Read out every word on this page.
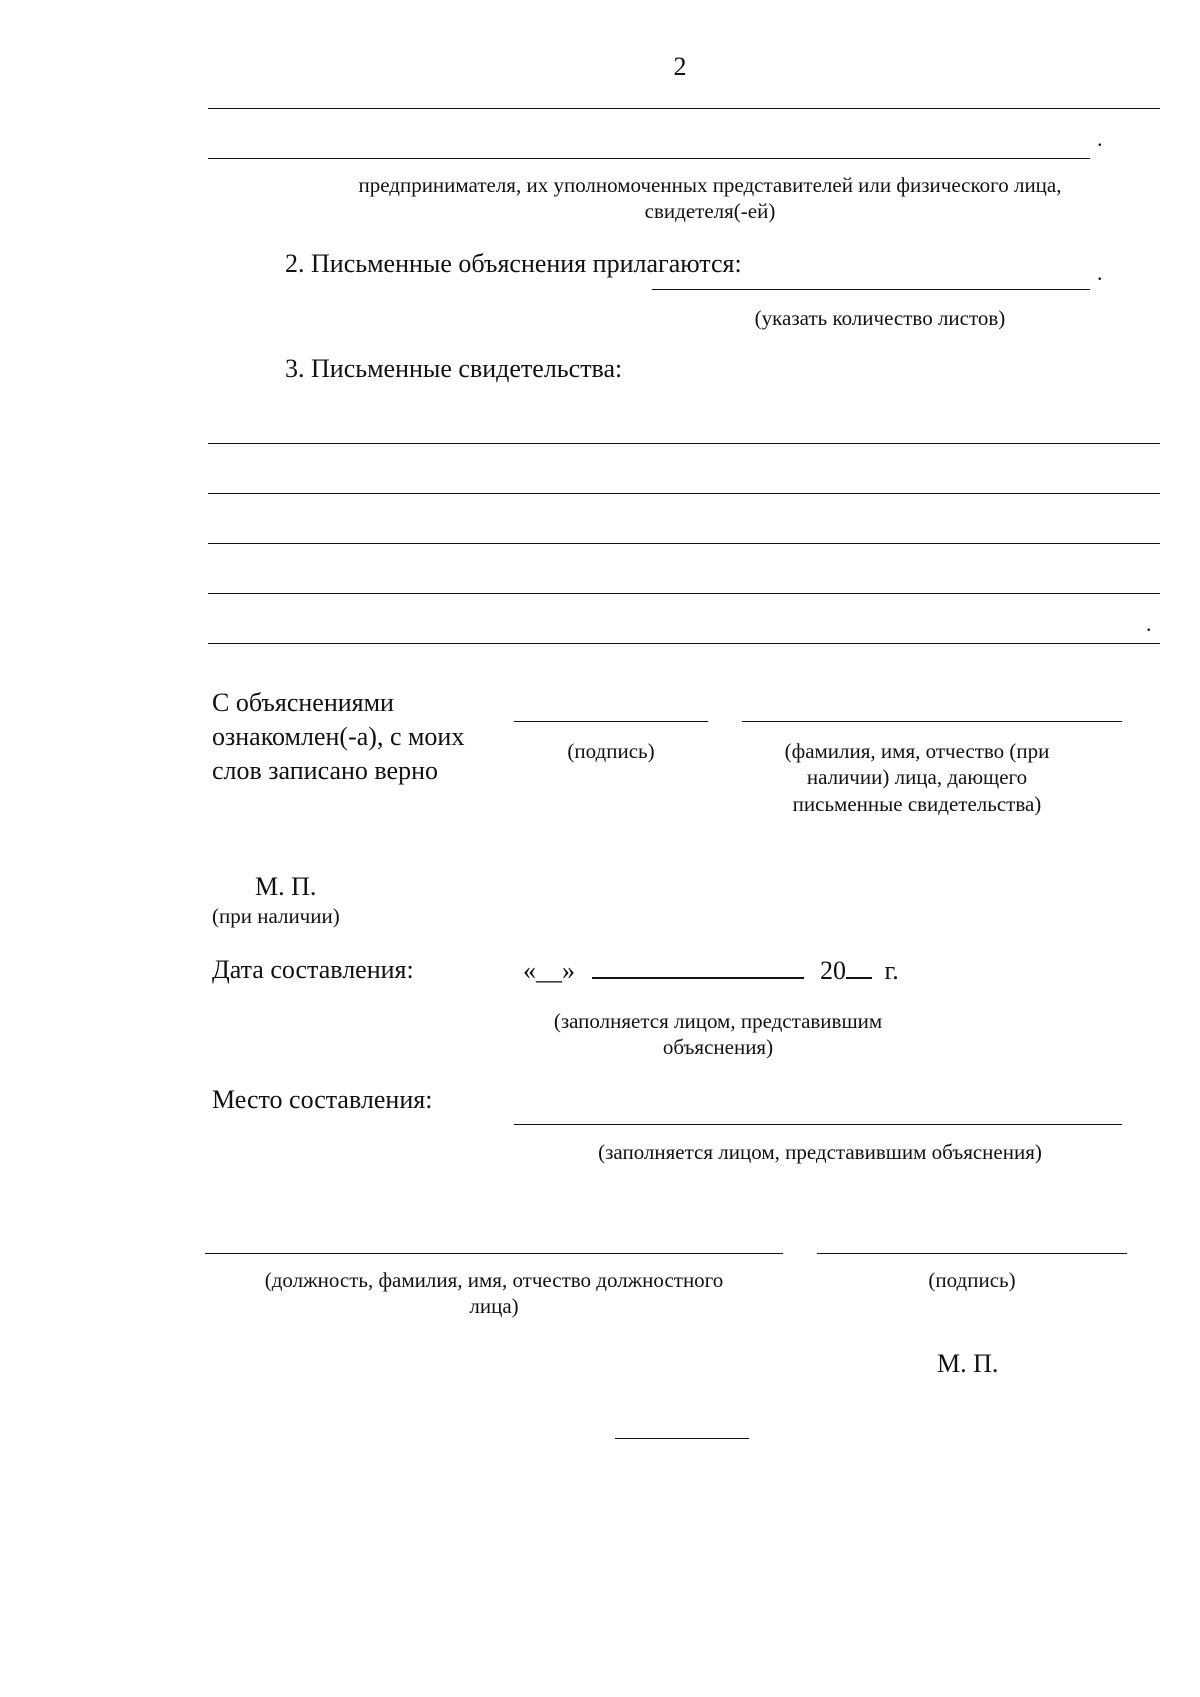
2
.
предпринимателя, их уполномоченных представителей или физического лица,
свидетеля(-ей)
2. Письменные объяснения прилагаются:	.
(указать количество листов)
3. Письменные свидетельства:
.
С объяснениями ознакомлен(-а), с моих слов записано верно
(подпись)	(фамилия, имя, отчество (при наличии) лица, дающего письменные свидетельства)
М. П.
(при наличии)
Дата составления:	«__»	20 г.
(заполняется лицом, представившим
объяснения)
Место составления:
(заполняется лицом, представившим объяснения)
(должность, фамилия, имя, отчество должностного
лица)
(подпись)
М. П.
